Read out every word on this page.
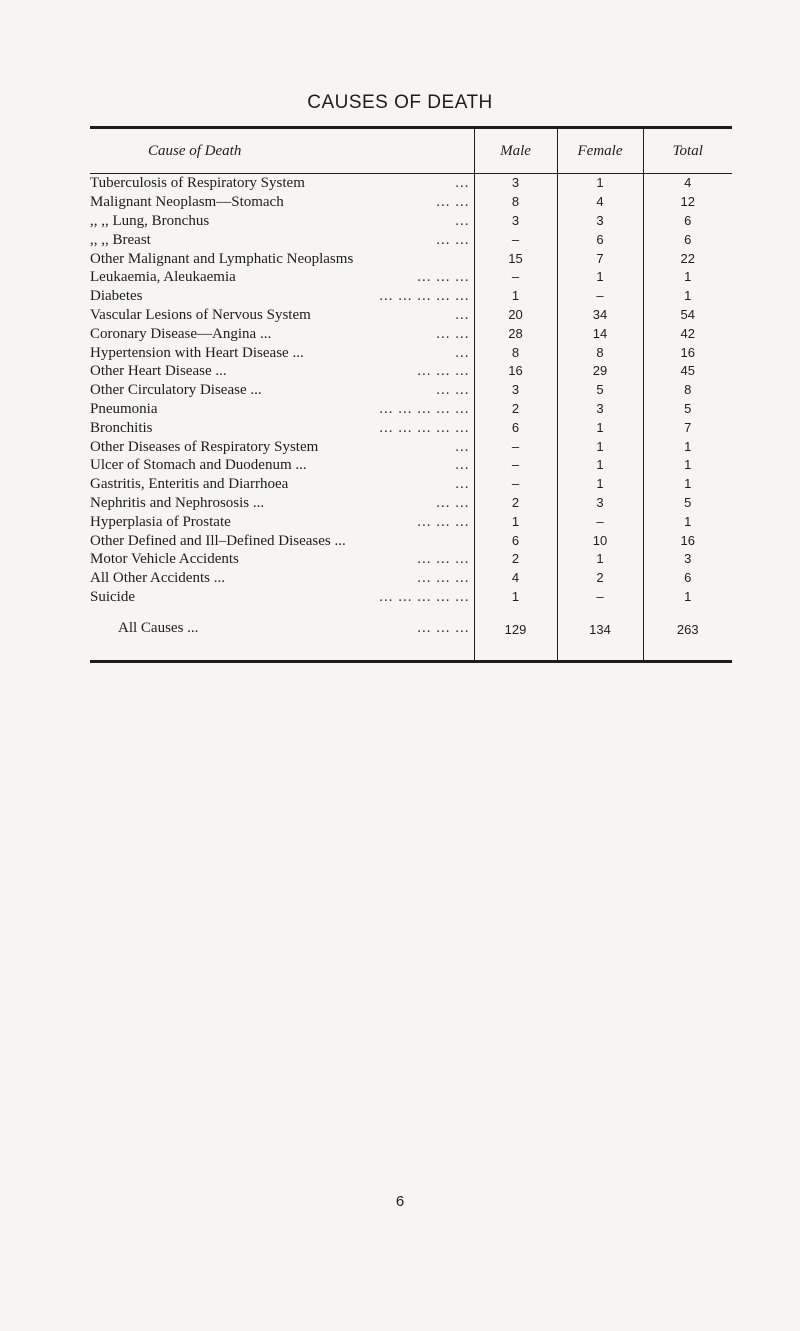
CAUSES OF DEATH
Cause of Death	Male	Female	Total
Tuberculosis of Respiratory System ...	3	1	4
Malignant Neoplasm—Stomach ... ...	8	4	12
,, ,, Lung, Bronchus ...	3	3	6
,, ,, Breast ... ...	–	6	6
Other Malignant and Lymphatic Neoplasms	15	7	22
Leukaemia, Aleukaemia ... ... ...	–	1	1
Diabetes ... ... ... ... ...	1	–	1
Vascular Lesions of Nervous System ...	20	34	54
Coronary Disease—Angina ... ... ...	28	14	42
Hypertension with Heart Disease ... ...	8	8	16
Other Heart Disease ... ... ... ...	16	29	45
Other Circulatory Disease ... ... ...	3	5	8
Pneumonia ... ... ... ... ...	2	3	5
Bronchitis ... ... ... ... ...	6	1	7
Other Diseases of Respiratory System ...	–	1	1
Ulcer of Stomach and Duodenum ... ...	–	1	1
Gastritis, Enteritis and Diarrhoea ...	–	1	1
Nephritis and Nephrososis ... ... ...	2	3	5
Hyperplasia of Prostate ... ... ...	1	–	1
Other Defined and Ill–Defined Diseases ...	6	10	16
Motor Vehicle Accidents ... ... ...	2	1	3
All Other Accidents ... ... ... ...	4	2	6
Suicide ... ... ... ... ...	1	–	1

All Causes ... ... ... ...	129	134	263
6
